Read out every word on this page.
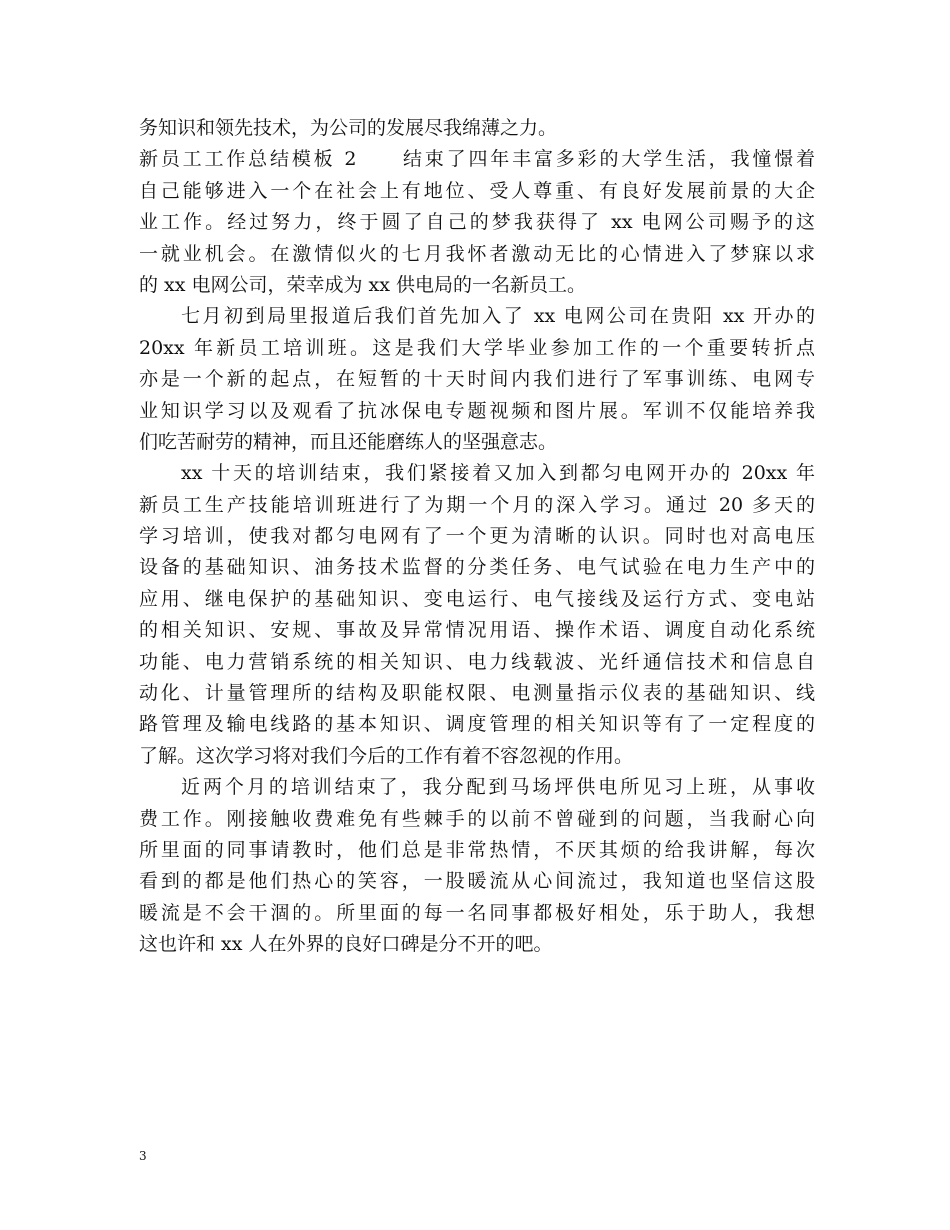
务知识和领先技术，为公司的发展尽我绵薄之力。
新员工工作总结模板 2　　结束了四年丰富多彩的大学生活，我憧憬着
自己能够进入一个在社会上有地位、受人尊重、有良好发展前景的大企
业工作。经过努力，终于圆了自己的梦我获得了 xx 电网公司赐予的这
一就业机会。在激情似火的七月我怀者激动无比的心情进入了梦寐以求
的 xx 电网公司，荣幸成为 xx 供电局的一名新员工。
七月初到局里报道后我们首先加入了 xx 电网公司在贵阳 xx 开办的
20xx 年新员工培训班。这是我们大学毕业参加工作的一个重要转折点
亦是一个新的起点，在短暂的十天时间内我们进行了军事训练、电网专
业知识学习以及观看了抗冰保电专题视频和图片展。军训不仅能培养我
们吃苦耐劳的精神，而且还能磨练人的坚强意志。
xx 十天的培训结束，我们紧接着又加入到都匀电网开办的 20xx 年
新员工生产技能培训班进行了为期一个月的深入学习。通过 20 多天的
学习培训，使我对都匀电网有了一个更为清晰的认识。同时也对高电压
设备的基础知识、油务技术监督的分类任务、电气试验在电力生产中的
应用、继电保护的基础知识、变电运行、电气接线及运行方式、变电站
的相关知识、安规、事故及异常情况用语、操作术语、调度自动化系统
功能、电力营销系统的相关知识、电力线载波、光纤通信技术和信息自
动化、计量管理所的结构及职能权限、电测量指示仪表的基础知识、线
路管理及输电线路的基本知识、调度管理的相关知识等有了一定程度的
了解。这次学习将对我们今后的工作有着不容忽视的作用。
近两个月的培训结束了，我分配到马场坪供电所见习上班，从事收
费工作。刚接触收费难免有些棘手的以前不曾碰到的问题，当我耐心向
所里面的同事请教时，他们总是非常热情，不厌其烦的给我讲解，每次
看到的都是他们热心的笑容，一股暖流从心间流过，我知道也坚信这股
暖流是不会干涸的。所里面的每一名同事都极好相处，乐于助人，我想
这也许和 xx 人在外界的良好口碑是分不开的吧。
3
